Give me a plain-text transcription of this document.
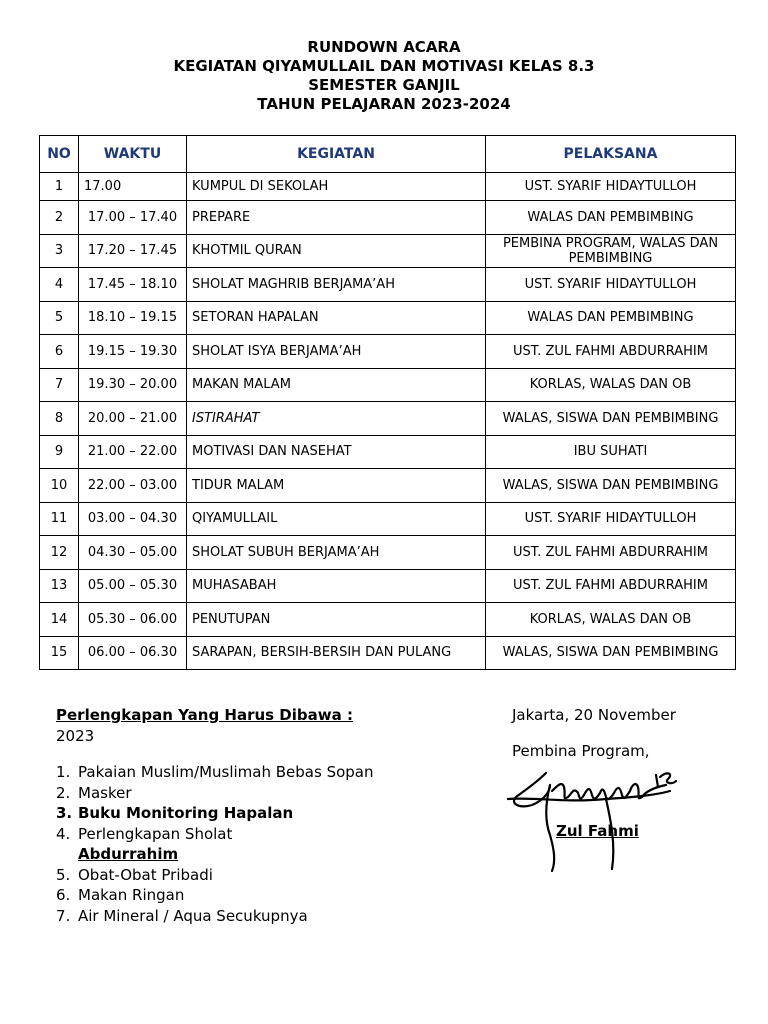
RUNDOWN ACARA
KEGIATAN QIYAMULLAIL DAN MOTIVASI KELAS 8.3
SEMESTER GANJIL
TAHUN PELAJARAN 2023-2024
NO	WAKTU	KEGIATAN	PELAKSANA
1	17.00	KUMPUL DI SEKOLAH	UST. SYARIF HIDAYTULLOH
2	17.00 – 17.40	PREPARE	WALAS DAN PEMBIMBING
3	17.20 – 17.45	KHOTMIL QURAN	PEMBINA PROGRAM, WALAS DAN PEMBIMBING
4	17.45 – 18.10	SHOLAT MAGHRIB BERJAMA’AH	UST. SYARIF HIDAYTULLOH
5	18.10 – 19.15	SETORAN HAPALAN	WALAS DAN PEMBIMBING
6	19.15 – 19.30	SHOLAT ISYA BERJAMA’AH	UST. ZUL FAHMI ABDURRAHIM
7	19.30 – 20.00	MAKAN MALAM	KORLAS, WALAS DAN OB
8	20.00 – 21.00	ISTIRAHAT	WALAS, SISWA DAN PEMBIMBING
9	21.00 – 22.00	MOTIVASI DAN NASEHAT	IBU SUHATI
10	22.00 – 03.00	TIDUR MALAM	WALAS, SISWA DAN PEMBIMBING
11	03.00 – 04.30	QIYAMULLAIL	UST. SYARIF HIDAYTULLOH
12	04.30 – 05.00	SHOLAT SUBUH BERJAMA’AH	UST. ZUL FAHMI ABDURRAHIM
13	05.00 – 05.30	MUHASABAH	UST. ZUL FAHMI ABDURRAHIM
14	05.30 – 06.00	PENUTUPAN	KORLAS, WALAS DAN OB
15	06.00 – 06.30	SARAPAN, BERSIH-BERSIH DAN PULANG	WALAS, SISWA DAN PEMBIMBING
Perlengkapan Yang Harus Dibawa :
2023
1. Pakaian Muslim/Muslimah Bebas Sopan
2. Masker
3. Buku Monitoring Hapalan
4. Perlengkapan Sholat
Abdurrahim
5. Obat-Obat Pribadi
6. Makan Ringan
7. Air Mineral / Aqua Secukupnya
Jakarta, 20 November
Pembina Program,
Zul Fahmi
